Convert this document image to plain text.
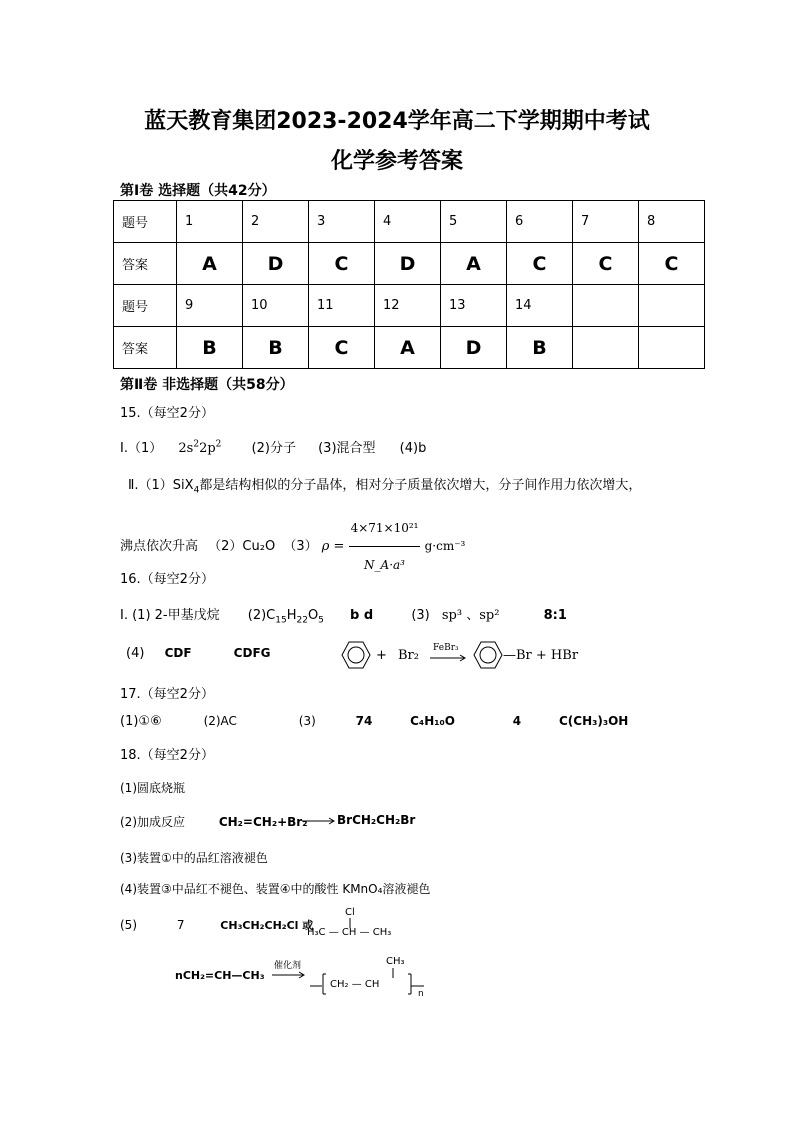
蓝天教育集团2023-2024学年高二下学期期中考试
化学参考答案
第Ⅰ卷 选择题（共42分）
题号	1	2	3	4	5	6	7	8
答案	A	D	C	D	A	C	C	C
题号	9	10	11	12	13	14		
答案	B	B	C	A	D	B		
第Ⅱ卷 非选择题（共58分）
15.（每空2分）
Ⅰ.（1） $2s^22p^2$ (2)分子 (3)混合型 (4)b
Ⅱ.（1）SiX$_4$都是结构相似的分子晶体，相对分子质量依次增大，分子间作用力依次增大，
沸点依次升高 （2）Cu₂O （3） $\rho = \frac{\text{4×71×10²¹}}{\text{N\_A·a³}} g\cdot cm^{-3}$
16.（每空2分）
Ⅰ. (1) 2-甲基戊烷 $(2)C_{15}H_{22}O_5$ b d	(3) sp³ 、sp²	8:1
(4) CDF	CDFG	+ Br₂ FeBr₃	—Br + HBr
17.（每空2分）
(1)①⑥	(2)AC	(3)	74	C₄H₁₀O	4	C(CH₃)₃OH
18.（每空2分）
(1)圆底烧瓶
(2)加成反应	CH₂=CH₂+Br₂ BrCH₂CH₂Br
(3)装置①中的品红溶液褪色
(4)装置③中品红不褪色、装置④中的酸性 KMnO₄溶液褪色
(5)	7	CH₃CH₂CH₂Cl 或
Cl
H₃C — CH — CH₃
nCH₂=CH—CH₃
催化剂	CH₃
CH₂ — CH
n
